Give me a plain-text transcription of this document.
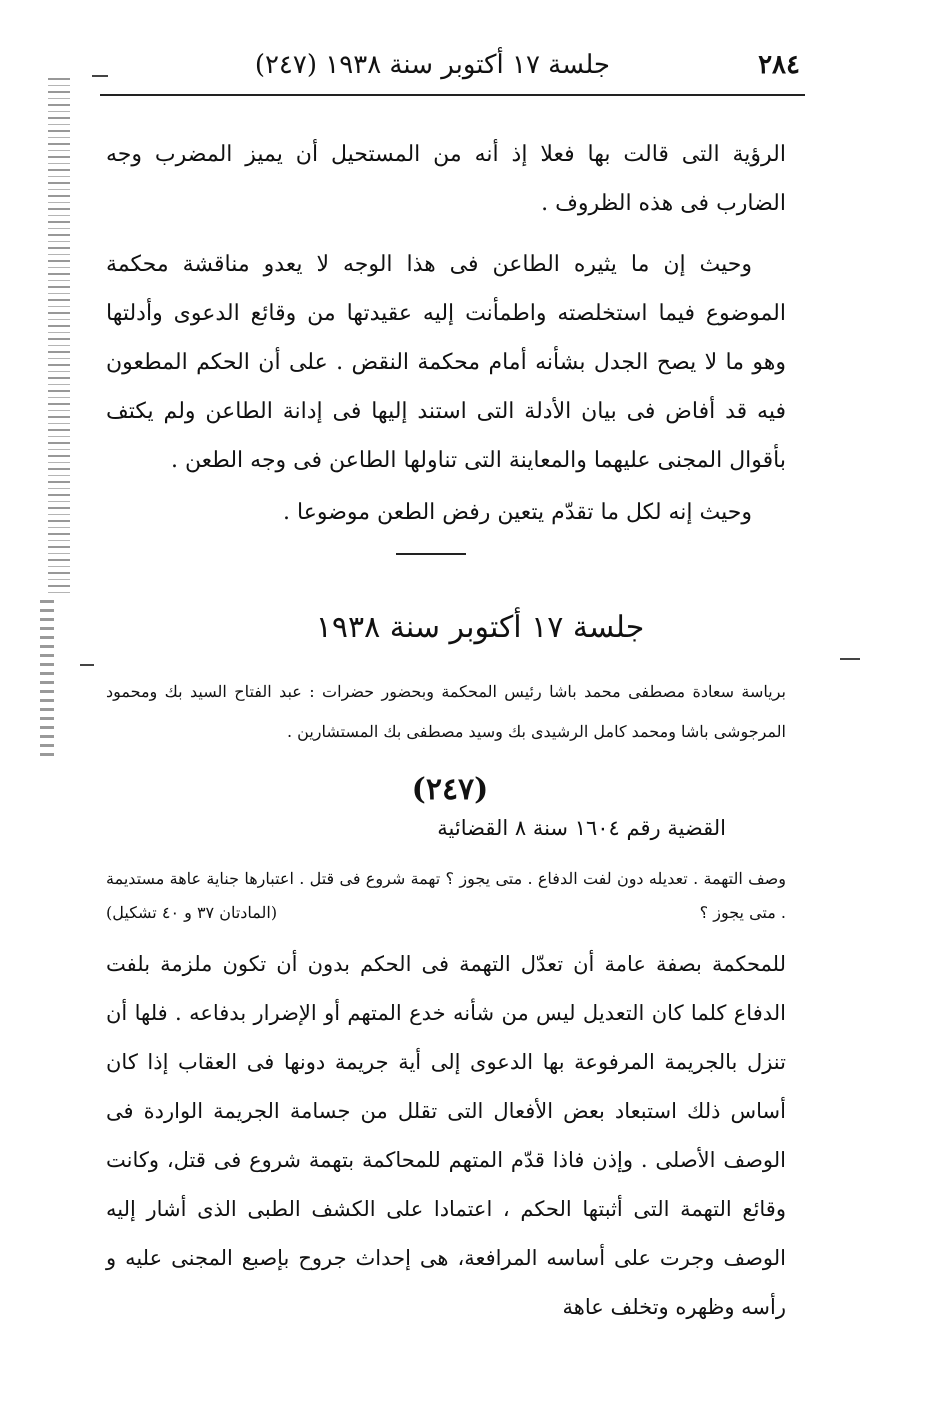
٢٨٤
جلسة ١٧ أكتوبر سنة ١٩٣٨ (٢٤٧)
الرؤية التى قالت بها فعلا إذ أنه من المستحيل أن يميز المضرب وجه الضارب فى هذه الظروف .
وحيث إن ما يثيره الطاعن فى هذا الوجه لا يعدو مناقشة محكمة الموضوع فيما استخلصته واطمأنت إليه عقيدتها من وقائع الدعوى وأدلتها وهو ما لا يصح الجدل بشأنه أمام محكمة النقض . على أن الحكم المطعون فيه قد أفاض فى بيان الأدلة التى استند إليها فى إدانة الطاعن ولم يكتف بأقوال المجنى عليهما والمعاينة التى تناولها الطاعن فى وجه الطعن .
وحيث إنه لكل ما تقدّم يتعين رفض الطعن موضوعا .
جلسة ١٧ أكتوبر سنة ١٩٣٨
برياسة سعادة مصطفى محمد باشا رئيس المحكمة وبحضور حضرات : عبد الفتاح السيد بك ومحمود المرجوشى باشا ومحمد كامل الرشيدى بك وسيد مصطفى بك المستشارين .
(٢٤٧)
القضية رقم ١٦٠٤ سنة ٨ القضائية
وصف التهمة . تعديله دون لفت الدفاع . متى يجوز ؟ تهمة شروع فى قتل . اعتبارها جناية عاهة مستديمة . متى يجوز ؟
(المادتان ٣٧ و ٤٠ تشكيل)
للمحكمة بصفة عامة أن تعدّل التهمة فى الحكم بدون أن تكون ملزمة بلفت الدفاع كلما كان التعديل ليس من شأنه خدع المتهم أو الإضرار بدفاعه . فلها أن تنزل بالجريمة المرفوعة بها الدعوى إلى أية جريمة دونها فى العقاب إذا كان أساس ذلك استبعاد بعض الأفعال التى تقلل من جسامة الجريمة الواردة فى الوصف الأصلى . وإذن فاذا قدّم المتهم للمحاكمة بتهمة شروع فى قتل، وكانت وقائع التهمة التى أثبتها الحكم ، اعتمادا على الكشف الطبى الذى أشار إليه الوصف وجرت على أساسه المرافعة، هى إحداث جروح بإصبع المجنى عليه و رأسه وظهره وتخلف عاهة
